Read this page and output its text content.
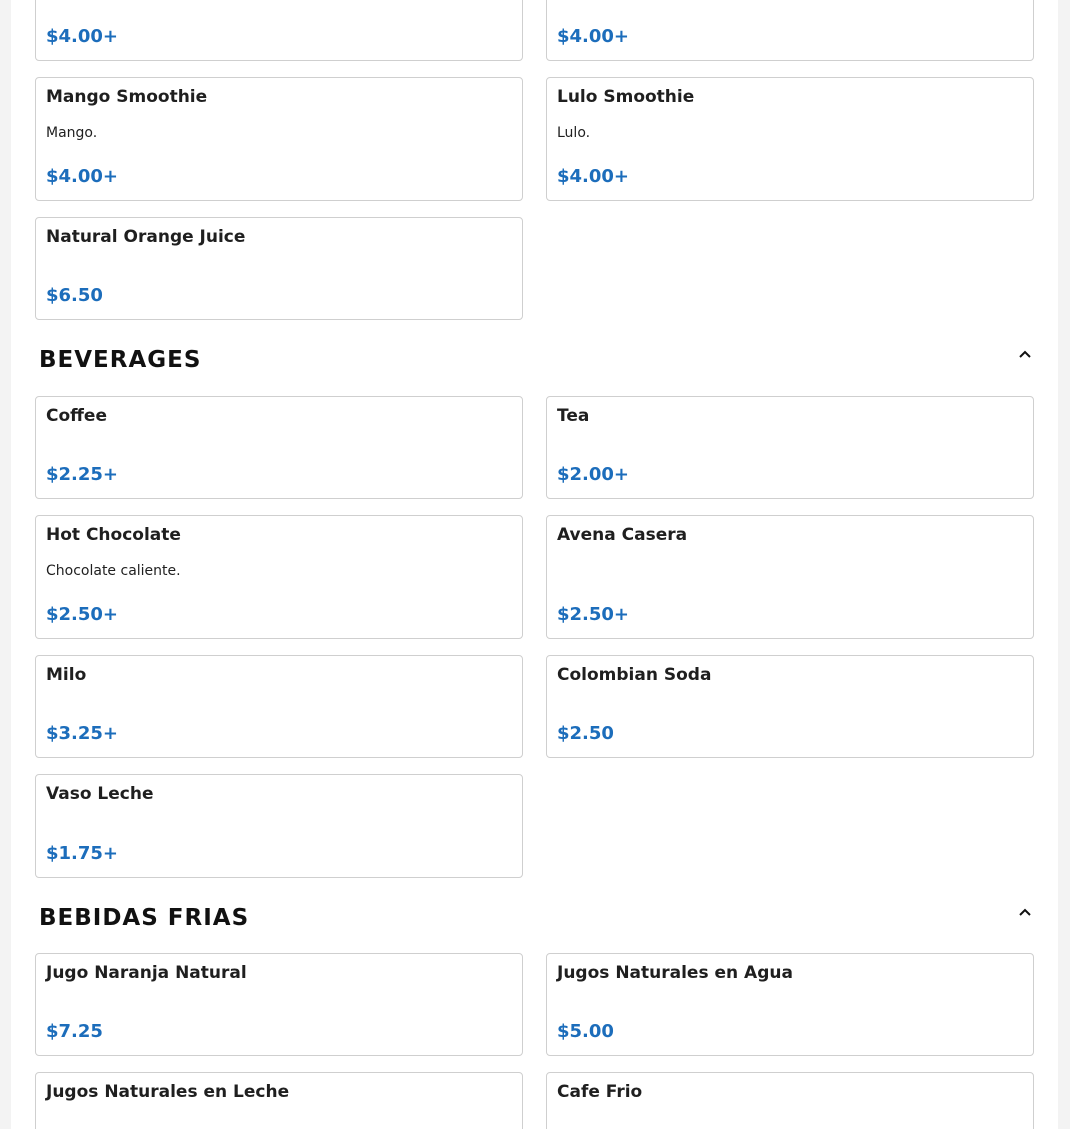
$4.00+	$4.00+
Mango Smoothie
Mango.
$4.00+
Lulo Smoothie
Lulo.
$4.00+
Natural Orange Juice
$6.50
BEVERAGES
Coffee
$2.25+
Tea
$2.00+
Hot Chocolate
Chocolate caliente.
$2.50+
Avena Casera
$2.50+
Milo
$3.25+
Colombian Soda
$2.50
Vaso Leche
$1.75+
BEBIDAS FRIAS
Jugo Naranja Natural
$7.25
Jugos Naturales en Agua
$5.00
Jugos Naturales en Leche	Cafe Frio
